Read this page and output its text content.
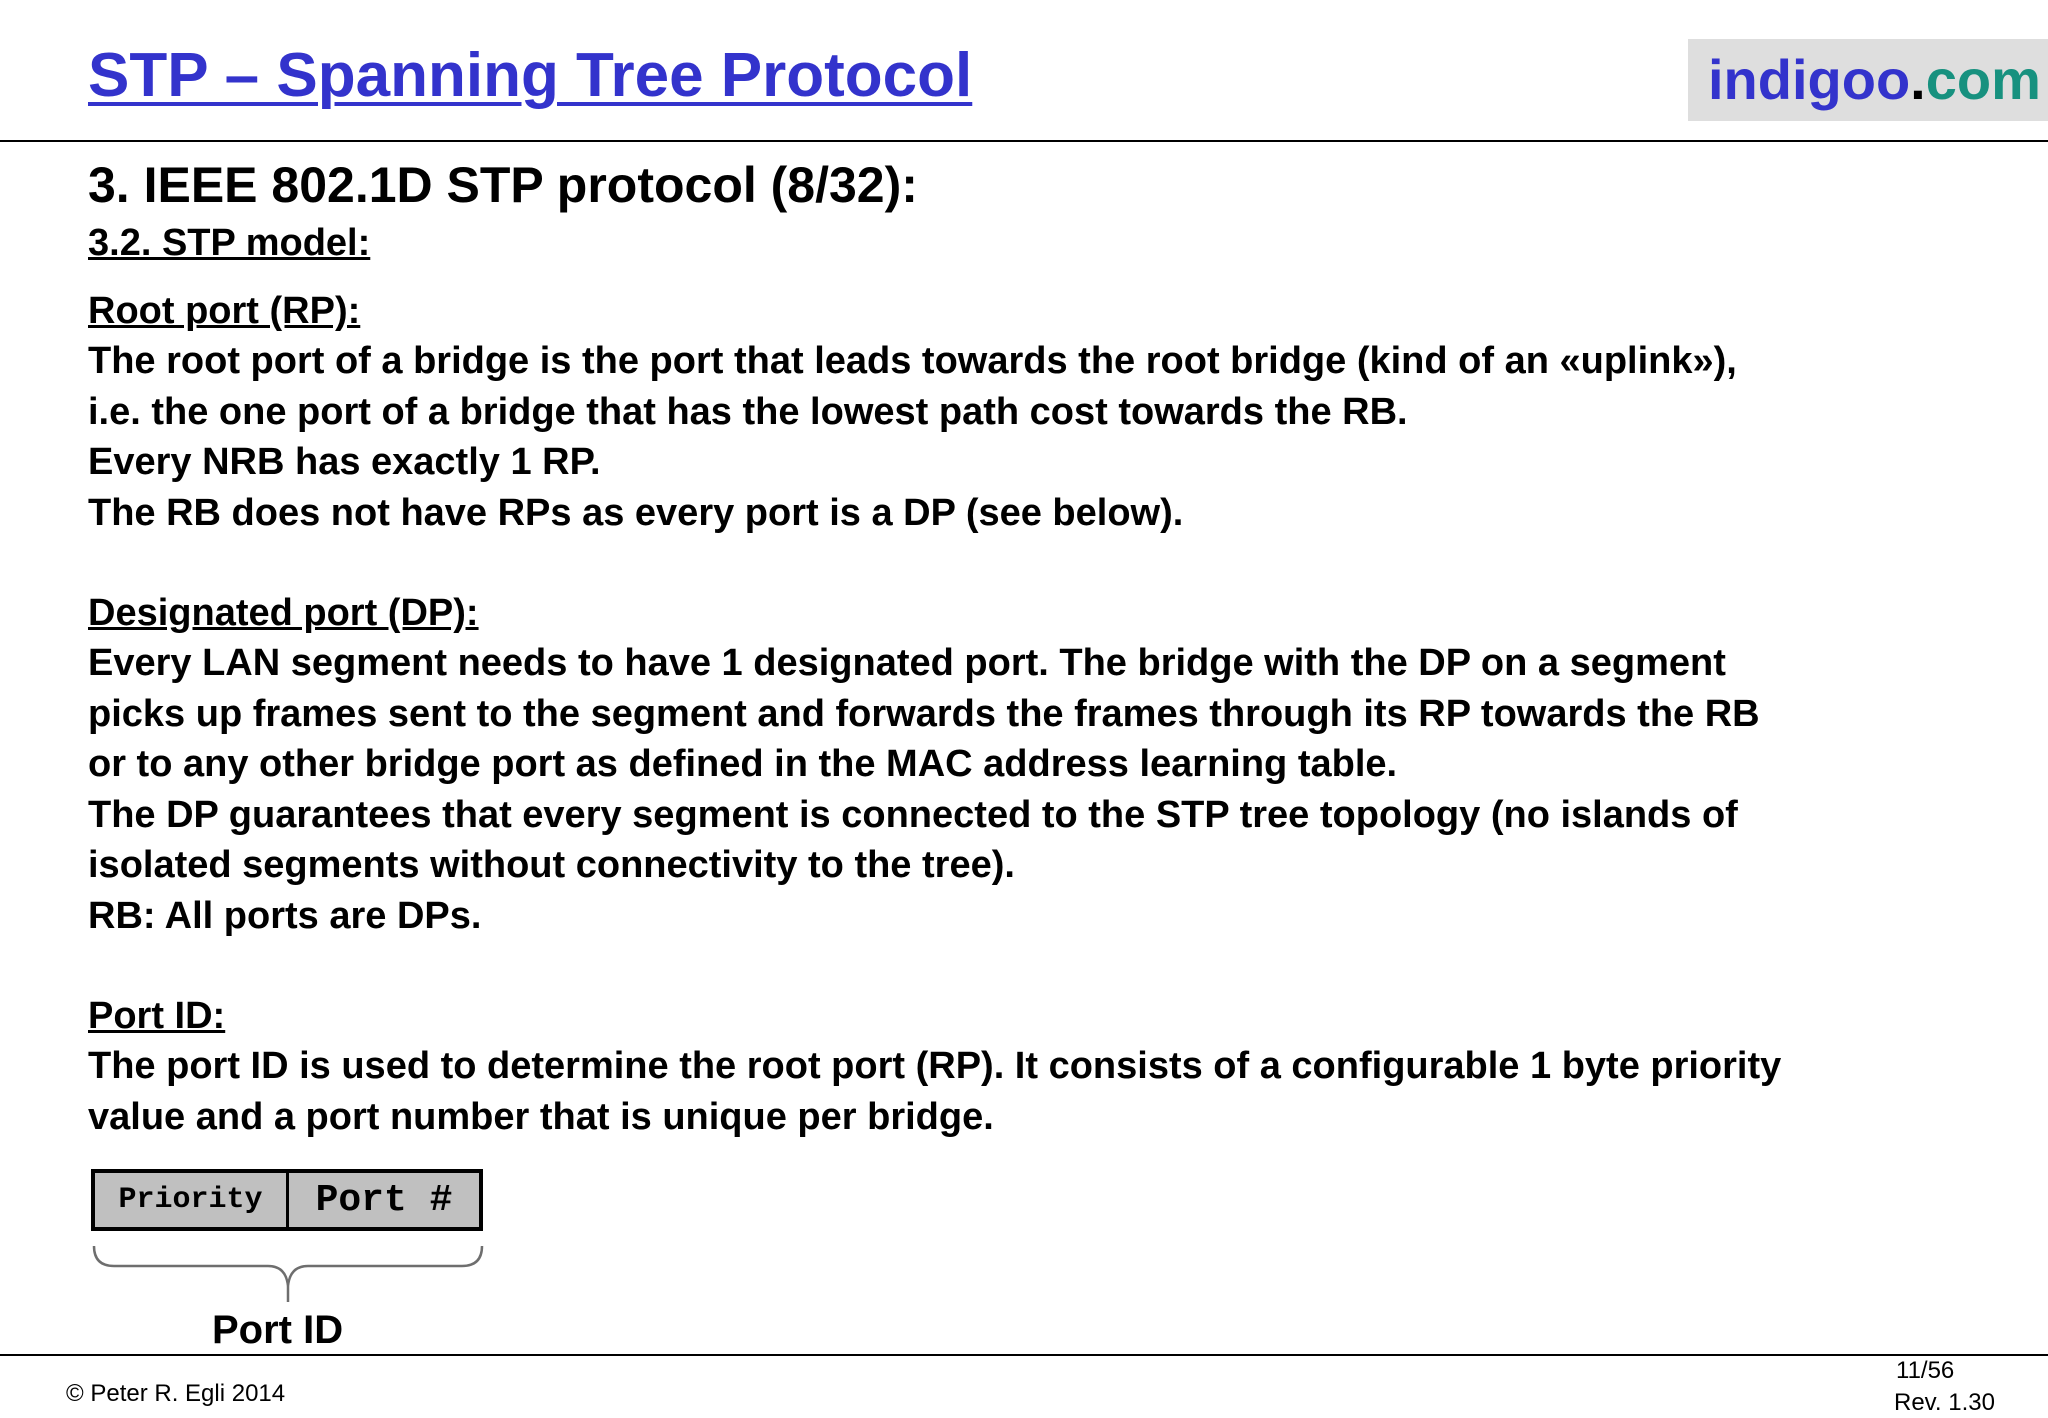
STP – Spanning Tree Protocol	indigoo.com
3. IEEE 802.1D STP protocol (8/32):
3.2. STP model:
Root port (RP):
The root port of a bridge is the port that leads towards the root bridge (kind of an «uplink»),
i.e. the one port of a bridge that has the lowest path cost towards the RB.
Every NRB has exactly 1 RP.
The RB does not have RPs as every port is a DP (see below).
Designated port (DP):
Every LAN segment needs to have 1 designated port. The bridge with the DP on a segment
picks up frames sent to the segment and forwards the frames through its RP towards the RB
or to any other bridge port as defined in the MAC address learning table.
The DP guarantees that every segment is connected to the STP tree topology (no islands of
isolated segments without connectivity to the tree).
RB: All ports are DPs.
Port ID:
The port ID is used to determine the root port (RP). It consists of a configurable 1 byte priority
value and a port number that is unique per bridge.
Priority	Port #
Port ID
© Peter R. Egli 2014
11/56
Rev. 1.30
